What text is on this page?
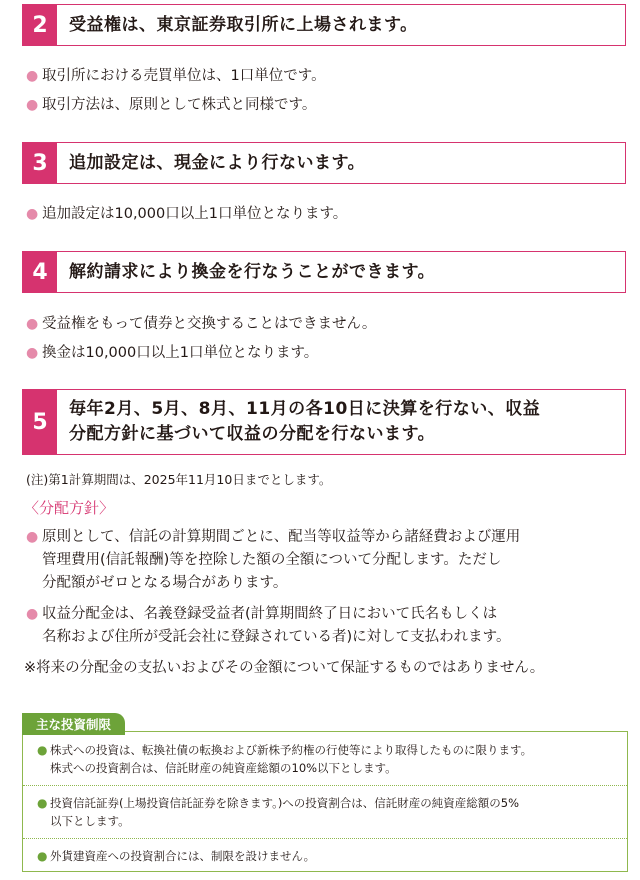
2	受益権は、東京証券取引所に上場されます。
● 取引所における売買単位は、1口単位です。
● 取引方法は、原則として株式と同様です。
3	追加設定は、現金により行ないます。
● 追加設定は10,000口以上1口単位となります。
4	解約請求により換金を行なうことができます。
● 受益権をもって債券と交換することはできません。
● 換金は10,000口以上1口単位となります。
5
毎年2月、5月、8月、11月の各10日に決算を行ない、収益
分配方針に基づいて収益の分配を行ないます。
(注)第1計算期間は、2025年11月10日までとします。
〈分配方針〉
● 原則として、信託の計算期間ごとに、配当等収益等から諸経費および運用
管理費用(信託報酬)等を控除した額の全額について分配します。ただし
分配額がゼロとなる場合があります。
● 収益分配金は、名義登録受益者(計算期間終了日において氏名もしくは
名称および住所が受託会社に登録されている者)に対して支払われます。
※将来の分配金の支払いおよびその金額について保証するものではありません。
● 株式への投資は、転換社債の転換および新株予約権の行使等により取得したものに限ります。
株式への投資割合は、信託財産の純資産総額の10%以下とします。
● 投資信託証券(上場投資信託証券を除きます。)への投資割合は、信託財産の純資産総額の5%
以下とします。
● 外貨建資産への投資割合には、制限を設けません。
主な投資制限
